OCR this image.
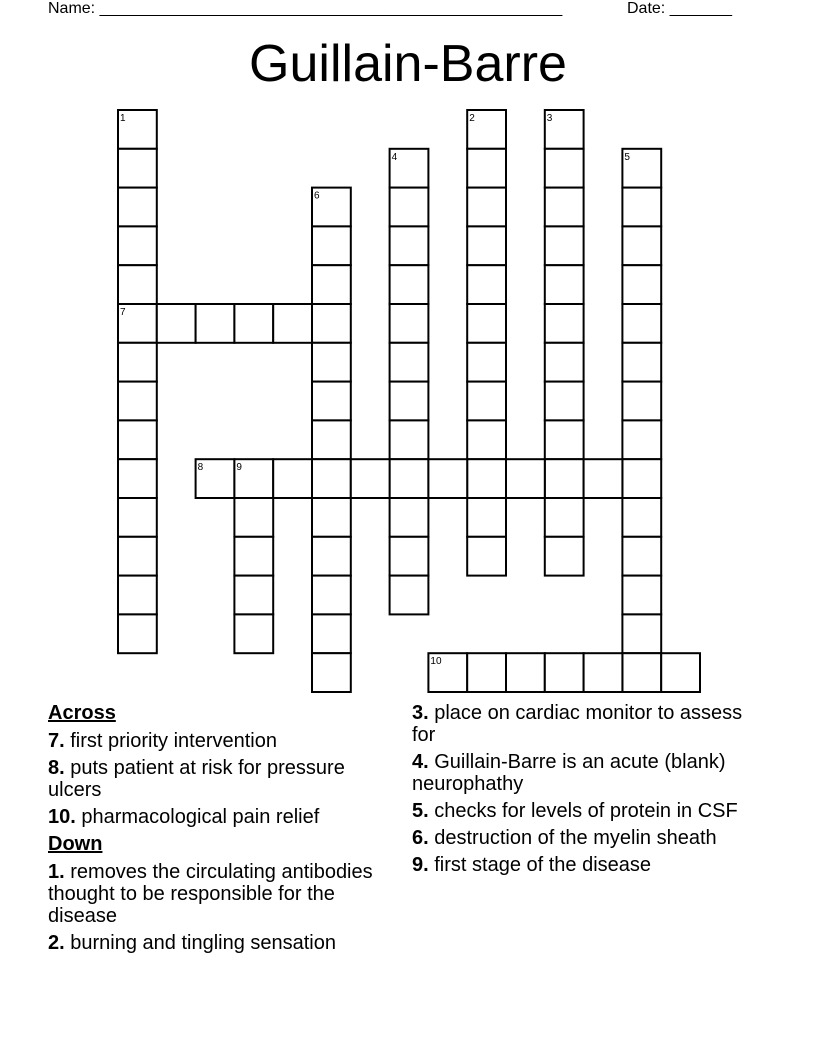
Name: ____________________________________________________	Date: _______
Guillain-Barre
1	2	3
4	5
6
7
8	9
10
Across
7. first priority intervention
8. puts patient at risk for pressure ulcers
10. pharmacological pain relief
Down
1. removes the circulating antibodies thought to be responsible for the disease
2. burning and tingling sensation
3. place on cardiac monitor to assess for
4. Guillain-Barre is an acute (blank) neurophathy
5. checks for levels of protein in CSF
6. destruction of the myelin sheath
9. first stage of the disease
